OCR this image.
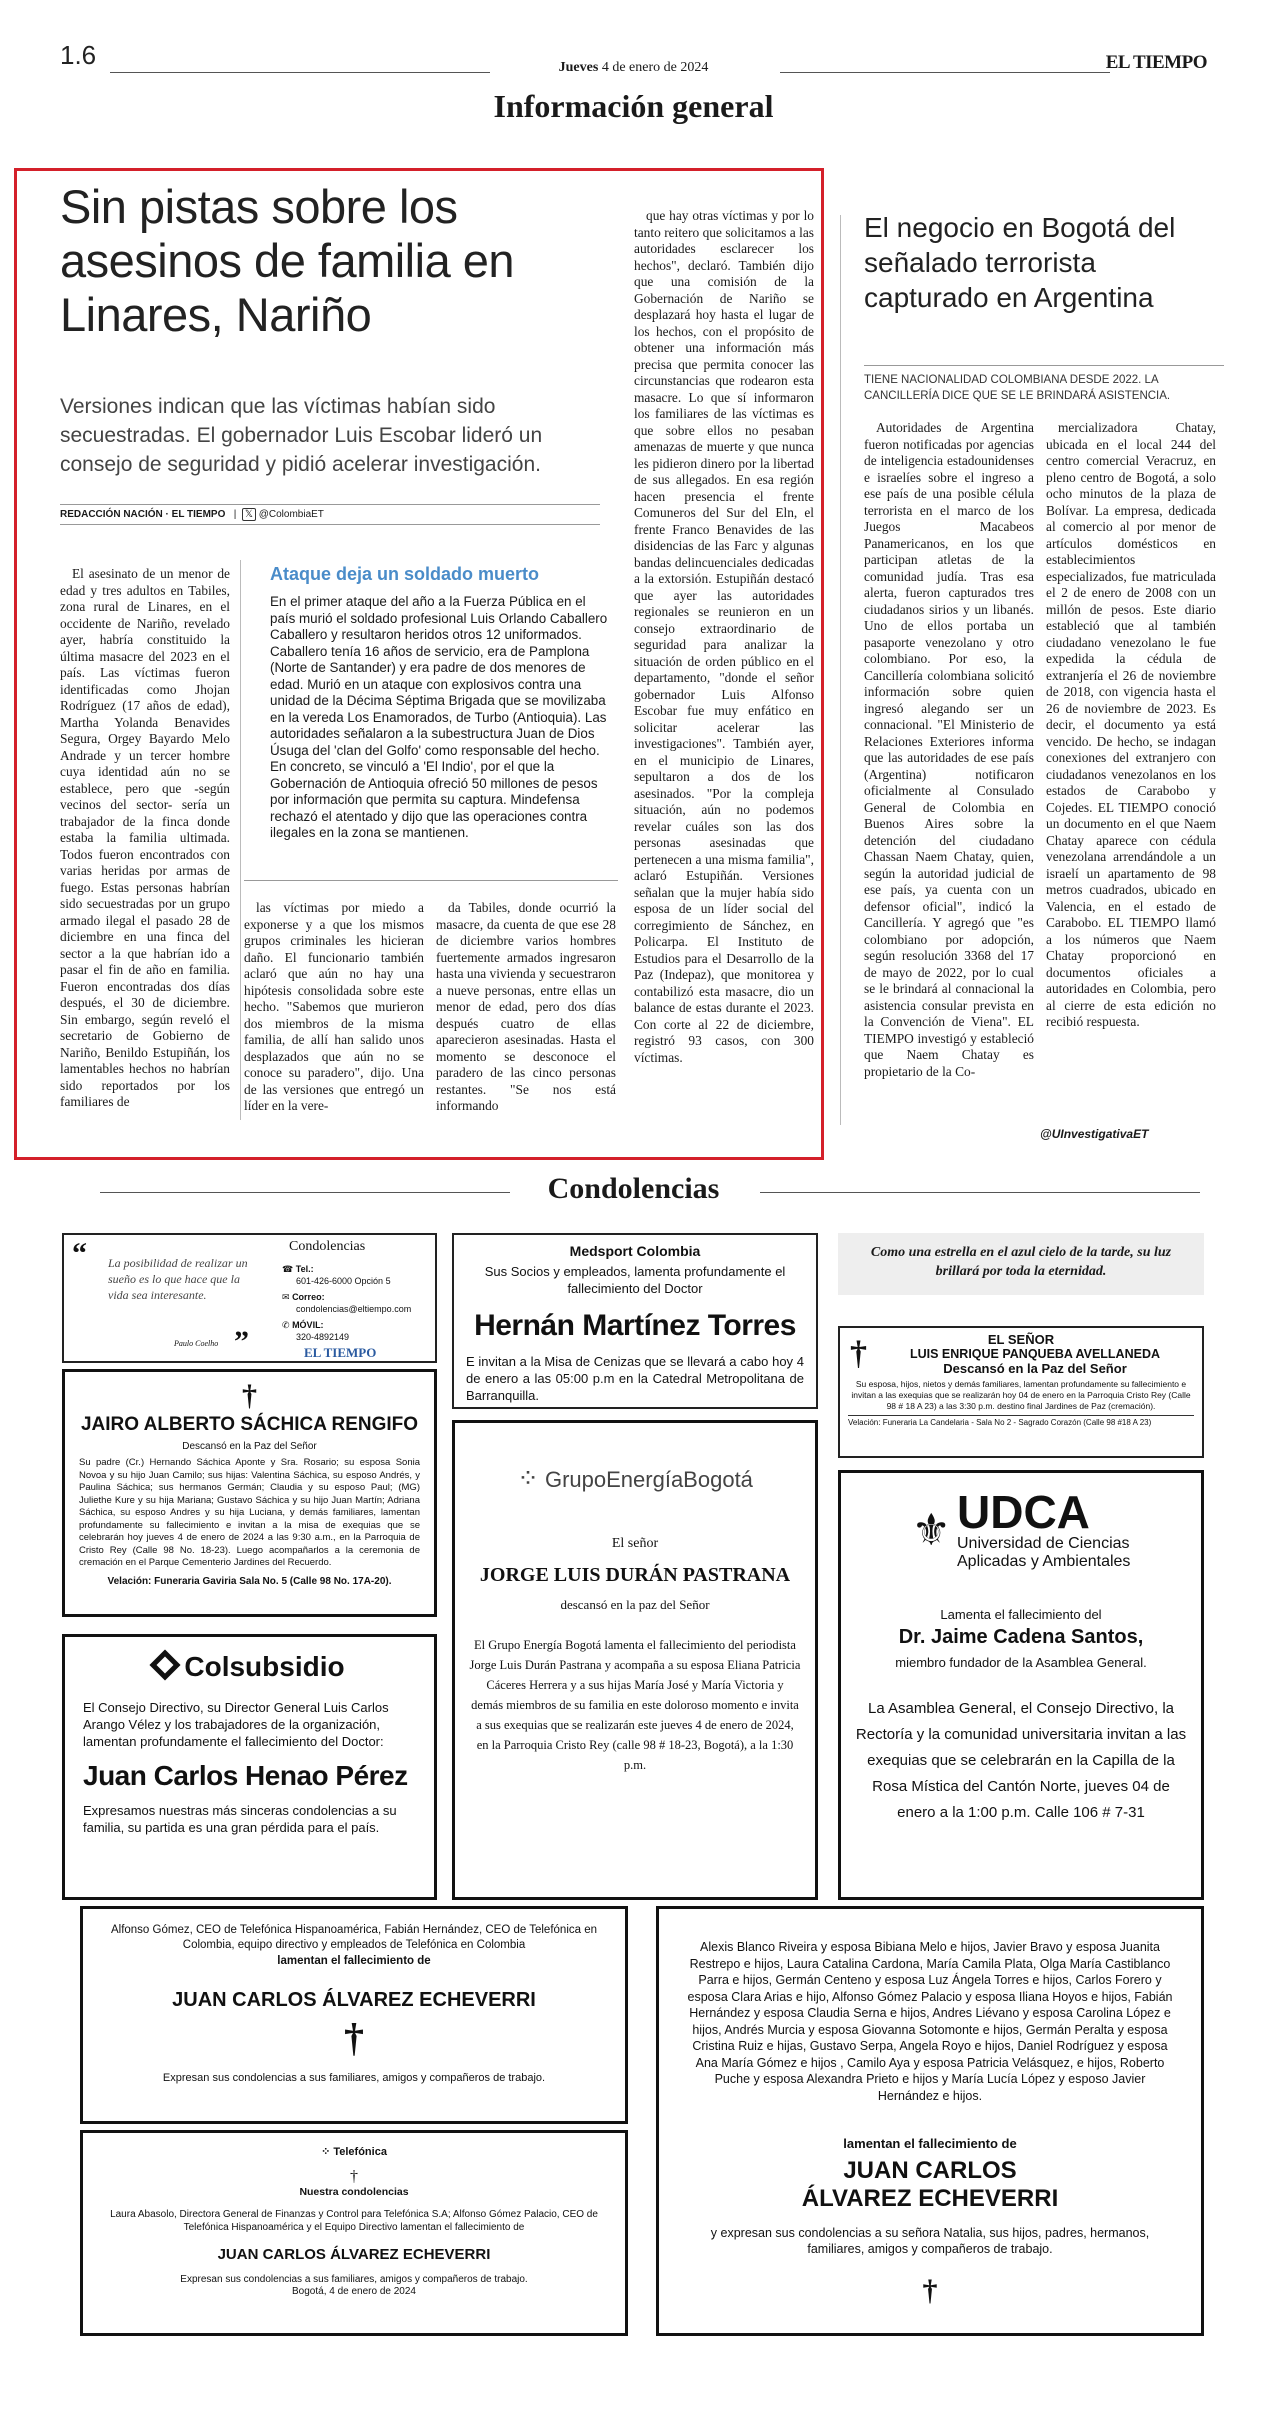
1.6	Jueves 4 de enero de 2024	EL TIEMPO
Información general
Sin pistas sobre los asesinos de familia en Linares, Nariño
Versiones indican que las víctimas habían sido secuestradas. El gobernador Luis Escobar lideró un consejo de seguridad y pidió acelerar investigación.
REDACCIÓN NACIÓN · EL TIEMPO   |  𝕏 @ColombiaET

El asesinato de un menor de edad y tres adultos en Tabiles, zona rural de Linares, en el occidente de Nariño, revelado ayer, habría constituido la última masacre del 2023 en el país. Las víctimas fueron identificadas como Jhojan Rodríguez (17 años de edad), Martha Yolanda Benavides Segura, Orgey Bayardo Melo Andrade y un tercer hombre cuya identidad aún no se establece, pero que -según vecinos del sector- sería un trabajador de la finca donde estaba la familia ultimada. Todos fueron encontrados con varias heridas por armas de fuego. Estas personas habrían sido secuestradas por un grupo armado ilegal el pasado 28 de diciembre en una finca del sector a la que habrían ido a pasar el fin de año en familia. Fueron encontradas dos días después, el 30 de diciembre. Sin embargo, según reveló el secretario de Gobierno de Nariño, Benildo Estupiñán, los lamentables hechos no habrían sido reportados por los familiares de

Ataque deja un soldado muerto
En el primer ataque del año a la Fuerza Pública en el país murió el soldado profesional Luis Orlando Caballero Caballero y resultaron heridos otros 12 uniformados. Caballero tenía 16 años de servicio, era de Pamplona (Norte de Santander) y era padre de dos menores de edad. Murió en un ataque con explosivos contra una unidad de la Décima Séptima Brigada que se movilizaba en la vereda Los Enamorados, de Turbo (Antioquia). Las autoridades señalaron a la subestructura Juan de Dios Úsuga del 'clan del Golfo' como responsable del hecho. En concreto, se vinculó a 'El Indio', por el que la Gobernación de Antioquia ofreció 50 millones de pesos por información que permita su captura. Mindefensa rechazó el atentado y dijo que las operaciones contra ilegales en la zona se mantienen.

las víctimas por miedo a exponerse y a que los mismos grupos criminales les hicieran daño. El funcionario también aclaró que aún no hay una hipótesis consolidada sobre este hecho. "Sabemos que murieron dos miembros de la misma familia, de allí han salido unos desplazados que aún no se conoce su paradero", dijo. Una de las versiones que entregó un líder en la vere-

da Tabiles, donde ocurrió la masacre, da cuenta de que ese 28 de diciembre varios hombres fuertemente armados ingresaron hasta una vivienda y secuestraron a nueve personas, entre ellas un menor de edad, pero dos días después cuatro de ellas aparecieron asesinadas. Hasta el momento se desconoce el paradero de las cinco personas restantes. "Se nos está informando

que hay otras víctimas y por lo tanto reitero que solicitamos a las autoridades esclarecer los hechos", declaró. También dijo que una comisión de la Gobernación de Nariño se desplazará hoy hasta el lugar de los hechos, con el propósito de obtener una información más precisa que permita conocer las circunstancias que rodearon esta masacre. Lo que sí informaron los familiares de las víctimas es que sobre ellos no pesaban amenazas de muerte y que nunca les pidieron dinero por la libertad de sus allegados. En esa región hacen presencia el frente Comuneros del Sur del Eln, el frente Franco Benavides de las disidencias de las Farc y algunas bandas delincuenciales dedicadas a la extorsión. Estupiñán destacó que ayer las autoridades regionales se reunieron en un consejo extraordinario de seguridad para analizar la situación de orden público en el departamento, "donde el señor gobernador Luis Alfonso Escobar fue muy enfático en solicitar acelerar las investigaciones". También ayer, en el municipio de Linares, sepultaron a dos de los asesinados. "Por la compleja situación, aún no podemos revelar cuáles son las dos personas asesinadas que pertenecen a una misma familia", aclaró Estupiñán. Versiones señalan que la mujer había sido esposa de un líder social del corregimiento de Sánchez, en Policarpa. El Instituto de Estudios para el Desarrollo de la Paz (Indepaz), que monitorea y contabilizó esta masacre, dio un balance de estas durante el 2023. Con corte al 22 de diciembre, registró 93 casos, con 300 víctimas.

El negocio en Bogotá del señalado terrorista capturado en Argentina
TIENE NACIONALIDAD COLOMBIANA DESDE 2022. LA CANCILLERÍA DICE QUE SE LE BRINDARÁ ASISTENCIA.

Autoridades de Argentina fueron notificadas por agencias de inteligencia estadounidenses e israelíes sobre el ingreso a ese país de una posible célula terrorista en el marco de los Juegos Macabeos Panamericanos, en los que participan atletas de la comunidad judía. Tras esa alerta, fueron capturados tres ciudadanos sirios y un libanés. Uno de ellos portaba un pasaporte venezolano y otro colombiano. Por eso, la Cancillería colombiana solicitó información sobre quien ingresó alegando ser un connacional. "El Ministerio de Relaciones Exteriores informa que las autoridades de ese país (Argentina) notificaron oficialmente al Consulado General de Colombia en Buenos Aires sobre la detención del ciudadano Chassan Naem Chatay, quien, según la autoridad judicial de ese país, ya cuenta con un defensor oficial", indicó la Cancillería. Y agregó que "es colombiano por adopción, según resolución 3368 del 17 de mayo de 2022, por lo cual se le brindará al connacional la asistencia consular prevista en la Convención de Viena". EL TIEMPO investigó y estableció que Naem Chatay es propietario de la Co-

mercializadora Chatay, ubicada en el local 244 del centro comercial Veracruz, en pleno centro de Bogotá, a solo ocho minutos de la plaza de Bolívar. La empresa, dedicada al comercio al por menor de artículos domésticos en establecimientos especializados, fue matriculada el 2 de enero de 2008 con un millón de pesos. Este diario estableció que al también ciudadano venezolano le fue expedida la cédula de extranjería el 26 de noviembre de 2018, con vigencia hasta el 26 de noviembre de 2023. Es decir, el documento ya está vencido. De hecho, se indagan conexiones del extranjero con ciudadanos venezolanos en los estados de Carabobo y Cojedes. EL TIEMPO conoció un documento en el que Naem Chatay aparece con cédula venezolana arrendándole a un israelí un apartamento de 98 metros cuadrados, ubicado en Valencia, en el estado de Carabobo. EL TIEMPO llamó a los números que Naem Chatay proporcionó en documentos oficiales a autoridades en Colombia, pero al cierre de esta edición no recibió respuesta.

@UInvestigativaET
Condolencias
“ La posibilidad de realizar un sueño es lo que hace que la vida sea interesante.
”
Paulo Coelho
Condolencias
☎ Tel.:
601-426-6000 Opción 5
✉ Correo:
condolencias@eltiempo.com
✆ MÓVIL:
320-4892149
EL TIEMPO
†
JAIRO ALBERTO SÁCHICA RENGIFO
Descansó en la Paz del Señor
Su padre (Cr.) Hernando Sáchica Aponte y Sra. Rosario; su esposa Sonia Novoa y su hijo Juan Camilo; sus hijas: Valentina Sáchica, su esposo Andrés, y Paulina Sáchica; sus hermanos Germán; Claudia y su esposo Paul; (MG) Juliethe Kure y su hija Mariana; Gustavo Sáchica y su hijo Juan Martín; Adriana Sáchica, su esposo Andres y su hija Luciana, y demás familiares, lamentan profundamente su fallecimiento e invitan a la misa de exequias que se celebrarán hoy jueves 4 de enero de 2024 a las 9:30 a.m., en la Parroquia de Cristo Rey (Calle 98 No. 18-23). Luego acompañarlos a la ceremonia de cremación en el Parque Cementerio Jardines del Recuerdo.
Velación: Funeraria Gaviria Sala No. 5 (Calle 98 No. 17A-20).
Colsubsidio
El Consejo Directivo, su Director General Luis Carlos Arango Vélez y los trabajadores de la organización, lamentan profundamente el fallecimiento del Doctor:
Juan Carlos Henao Pérez
Expresamos nuestras más sinceras condolencias a su familia, su partida es una gran pérdida para el país.
Medsport Colombia
Sus Socios y empleados, lamenta profundamente el fallecimiento del Doctor
Hernán Martínez Torres
E invitan a la Misa de Cenizas que se llevará a cabo hoy 4 de enero a las 05:00 p.m en la Catedral Metropolitana de Barranquilla.
⁘ GrupoEnergíaBogotá
El señor
JORGE LUIS DURÁN PASTRANA
descansó en la paz del Señor
El Grupo Energía Bogotá lamenta el fallecimiento del periodista Jorge Luis Durán Pastrana y acompaña a su esposa Eliana Patricia Cáceres Herrera y a sus hijas María José y María Victoria y demás miembros de su familia en este doloroso momento e invita a sus exequias que se realizarán este jueves 4 de enero de 2024, en la Parroquia Cristo Rey (calle 98 # 18-23, Bogotá), a la 1:30 p.m.
Como una estrella en el azul cielo de la tarde, su luz brillará por toda la eternidad.
†	EL SEÑOR
LUIS ENRIQUE PANQUEBA AVELLANEDA
Descansó en la Paz del Señor
Su esposa, hijos, nietos y demás familiares, lamentan profundamente su fallecimiento e invitan a las exequias que se realizarán hoy 04 de enero en la Parroquia Cristo Rey (Calle 98 # 18 A 23) a las 3:30 p.m. destino final Jardines de Paz (cremación).
Velación: Funeraria La Candelaria - Sala No 2 - Sagrado Corazón (Calle 98 #18 A 23)
⚜ UDCA
Universidad de Ciencias
Aplicadas y Ambientales
Lamenta el fallecimiento del
Dr. Jaime Cadena Santos,
miembro fundador de la Asamblea General.
La Asamblea General, el Consejo Directivo, la Rectoría y la comunidad universitaria invitan a las exequias que se celebrarán en la Capilla de la Rosa Mística del Cantón Norte, jueves 04 de enero a la 1:00 p.m. Calle 106 # 7-31
Alfonso Gómez, CEO de Telefónica Hispanoamérica, Fabián Hernández, CEO de Telefónica en Colombia, equipo directivo y empleados de Telefónica en Colombia
lamentan el fallecimiento de
JUAN CARLOS ÁLVAREZ ECHEVERRI
†
Expresan sus condolencias a sus familiares, amigos y compañeros de trabajo.
⁘ Telefónica
†
Nuestra condolencias
Laura Abasolo, Directora General de Finanzas y Control para Telefónica S.A; Alfonso Gómez Palacio, CEO de Telefónica Hispanoamérica y el Equipo Directivo lamentan el fallecimiento de
JUAN CARLOS ÁLVAREZ ECHEVERRI
Expresan sus condolencias a sus familiares, amigos y compañeros de trabajo.
Bogotá, 4 de enero de 2024
Alexis Blanco Riveira y esposa Bibiana Melo e hijos, Javier Bravo y esposa Juanita Restrepo e hijos, Laura Catalina Cardona, María Camila Plata, Olga María Castiblanco Parra e hijos, Germán Centeno y esposa Luz Ángela Torres e hijos, Carlos Forero y esposa Clara Arias e hijo, Alfonso Gómez Palacio y esposa Iliana Hoyos e hijos, Fabián Hernández y esposa Claudia Serna e hijos, Andres Liévano y esposa Carolina López e hijos, Andrés Murcia y esposa Giovanna Sotomonte e hijos, Germán Peralta y esposa Cristina Ruiz e hijas, Gustavo Serpa, Angela Royo e hijos, Daniel Rodríguez y esposa Ana María Gómez e hijos , Camilo Aya y esposa Patricia Velásquez, e hijos, Roberto Puche y esposa Alexandra Prieto e hijos y María Lucía López y esposo Javier Hernández e hijos.
lamentan el fallecimiento de
JUAN CARLOS
ÁLVAREZ ECHEVERRI
y expresan sus condolencias a su señora Natalia, sus hijos, padres, hermanos, familiares, amigos y compañeros de trabajo.
†
